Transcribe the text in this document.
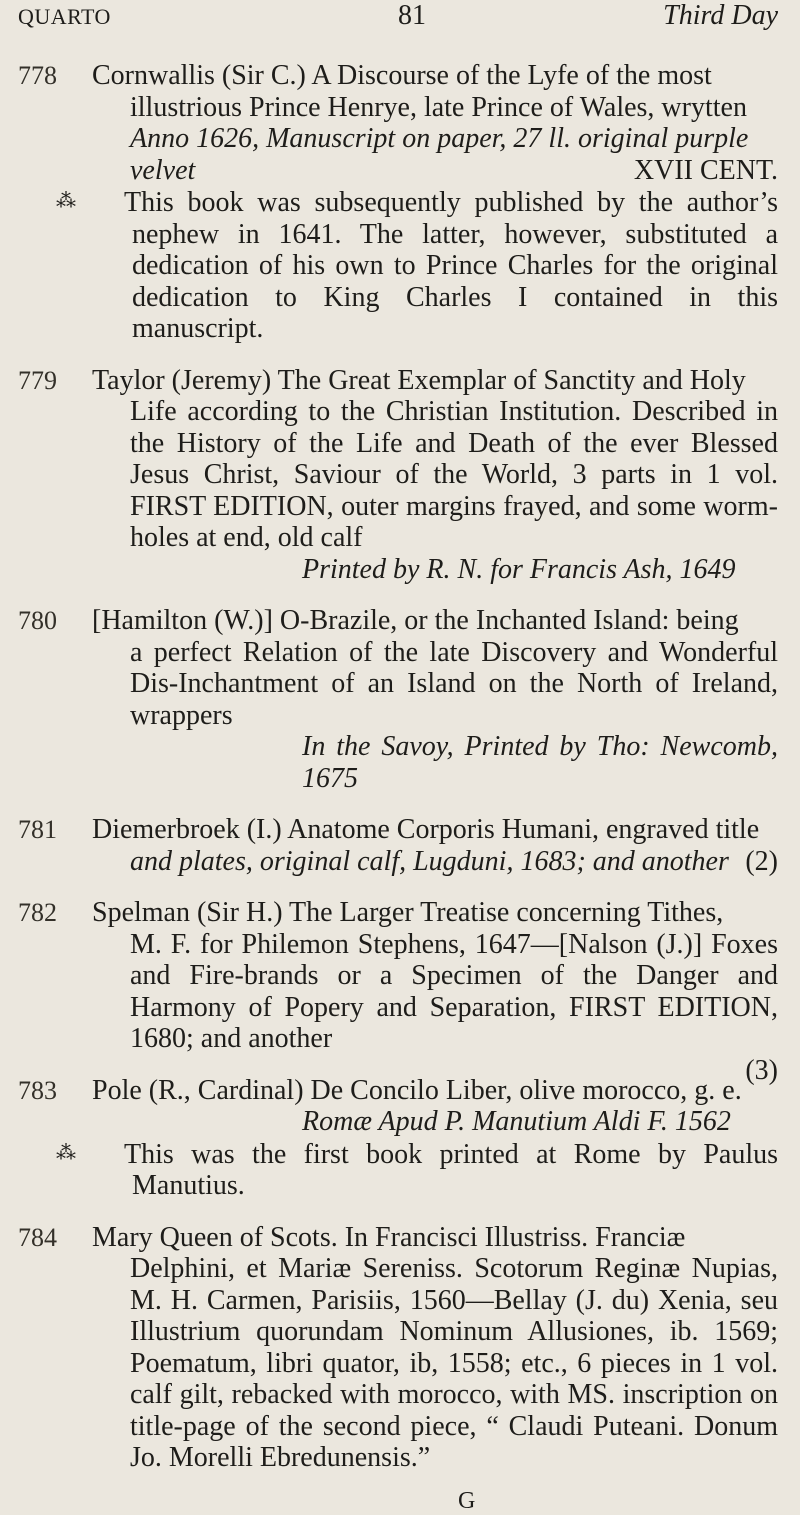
QUARTO	81	Third Day
778	Cornwallis (Sir C.) A Discourse of the Lyfe of the most
illustrious Prince Henrye, late Prince of Wales, wrytten
Anno 1626, Manuscript on paper, 27 ll. original purple
velvet	XVII CENT.
⁂ This book was subsequently published by the author’s nephew in 1641. The latter, however, substituted a dedication of his own to Prince Charles for the original dedication to King Charles I contained in this manuscript.
779	Taylor (Jeremy) The Great Exemplar of Sanctity and Holy
Life according to the Christian Institution. Described in the History of the Life and Death of the ever Blessed Jesus Christ, Saviour of the World, 3 parts in 1 vol. FIRST EDITION, outer margins frayed, and some worm-holes at end, old calf
Printed by R. N. for Francis Ash, 1649
780	[Hamilton (W.)] O-Brazile, or the Inchanted Island: being
a perfect Relation of the late Discovery and Wonderful Dis-Inchantment of an Island on the North of Ireland, wrappers
In the Savoy, Printed by Tho: Newcomb, 1675
781	Diemerbroek (I.) Anatome Corporis Humani, engraved title
and plates, original calf, Lugduni, 1683; and another (2)
782	Spelman (Sir H.) The Larger Treatise concerning Tithes,
M. F. for Philemon Stephens, 1647—[Nalson (J.)] Foxes and Fire-brands or a Specimen of the Danger and Harmony of Popery and Separation, FIRST EDITION, 1680; and another
(3)
783	Pole (R., Cardinal) De Concilo Liber, olive morocco, g. e.
Romæ Apud P. Manutium Aldi F. 1562
⁂ This was the first book printed at Rome by Paulus Manutius.
784	Mary Queen of Scots. In Francisci Illustriss. Franciæ
Delphini, et Mariæ Sereniss. Scotorum Reginæ Nupias, M. H. Carmen, Parisiis, 1560—Bellay (J. du) Xenia, seu Illustrium quorundam Nominum Allusiones, ib. 1569; Poematum, libri quator, ib, 1558; etc., 6 pieces in 1 vol. calf gilt, rebacked with morocco, with MS. inscription on title-page of the second piece, “ Claudi Puteani. Donum Jo. Morelli Ebredunensis.”
G
